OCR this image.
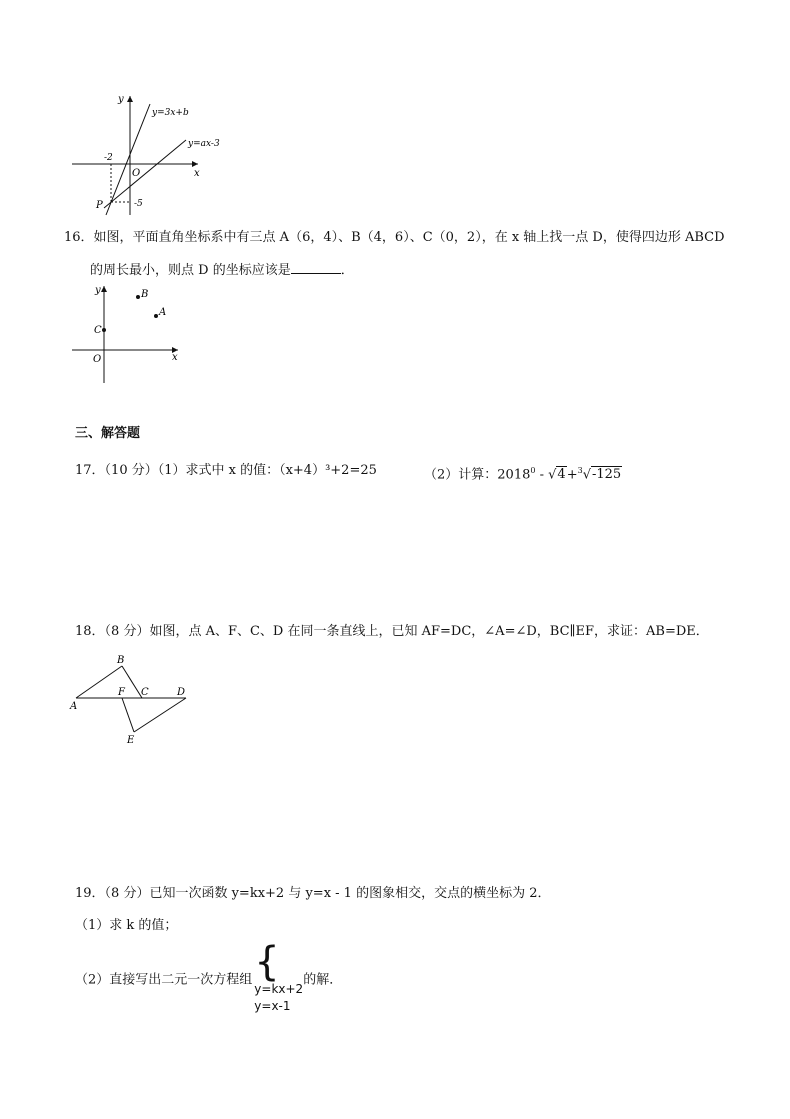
y
x
y=3x+b
y=ax-3
O
-2
-5
P
16．如图，平面直角坐标系中有三点 A（6，4）、B（4，6）、C（0，2），在 x 轴上找一点 D，使得四边形 ABCD
的周长最小，则点 D 的坐标应该是	．
y
x
O
B
A
C
三、解答题
17．（10 分）（1）求式中 x 的值：（x+4）³+2=25	（2）计算：2018$^0$ - √4+$^3$√-125
18．（8 分）如图，点 A、F、C、D 在同一条直线上，已知 AF=DC，∠A=∠D，BC∥EF，求证：AB=DE．
A
B
F C	D
E
19．（8 分）已知一次函数 y=kx+2 与 y=x - 1 的图象相交，交点的横坐标为 2．
（1）求 k 的值；
（2）直接写出二元一次方程组 {
y=kx+2
y=x-1
的解．
